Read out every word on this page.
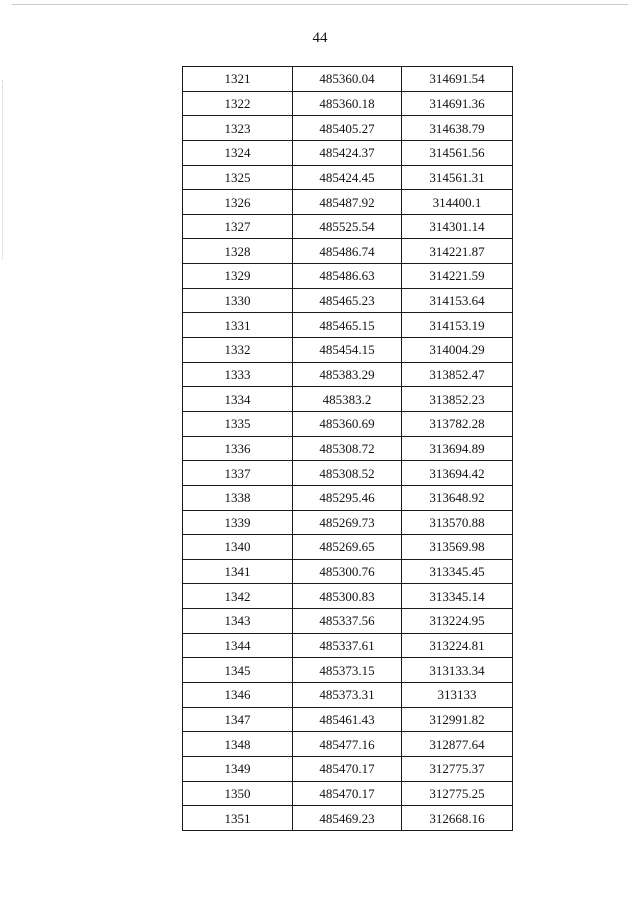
44
1321	485360.04	314691.54
1322	485360.18	314691.36
1323	485405.27	314638.79
1324	485424.37	314561.56
1325	485424.45	314561.31
1326	485487.92	314400.1
1327	485525.54	314301.14
1328	485486.74	314221.87
1329	485486.63	314221.59
1330	485465.23	314153.64
1331	485465.15	314153.19
1332	485454.15	314004.29
1333	485383.29	313852.47
1334	485383.2	313852.23
1335	485360.69	313782.28
1336	485308.72	313694.89
1337	485308.52	313694.42
1338	485295.46	313648.92
1339	485269.73	313570.88
1340	485269.65	313569.98
1341	485300.76	313345.45
1342	485300.83	313345.14
1343	485337.56	313224.95
1344	485337.61	313224.81
1345	485373.15	313133.34
1346	485373.31	313133
1347	485461.43	312991.82
1348	485477.16	312877.64
1349	485470.17	312775.37
1350	485470.17	312775.25
1351	485469.23	312668.16
